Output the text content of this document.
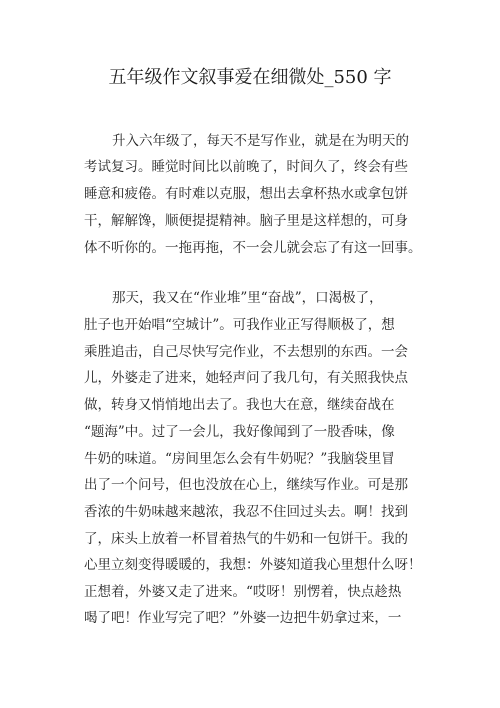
五年级作文叙事爱在细微处_550 字
升入六年级了，每天不是写作业，就是在为明天的
考试复习。睡觉时间比以前晚了，时间久了，终会有些
睡意和疲倦。有时难以克服，想出去拿杯热水或拿包饼
干，解解馋，顺便提提精神。脑子里是这样想的，可身
体不听你的。一拖再拖，不一会儿就会忘了有这一回事。
那天，我又在“作业堆”里“奋战”，口渴极了，
肚子也开始唱“空城计”。可我作业正写得顺极了，想
乘胜追击，自己尽快写完作业，不去想别的东西。一会
儿，外婆走了进来，她轻声问了我几句，有关照我快点
做，转身又悄悄地出去了。我也大在意，继续奋战在
“题海”中。过了一会儿，我好像闻到了一股香味，像
牛奶的味道。“房间里怎么会有牛奶呢？”我脑袋里冒
出了一个问号，但也没放在心上，继续写作业。可是那
香浓的牛奶味越来越浓，我忍不住回过头去。啊！找到
了，床头上放着一杯冒着热气的牛奶和一包饼干。我的
心里立刻变得暖暖的，我想：外婆知道我心里想什么呀！
正想着，外婆又走了进来。“哎呀！别愣着，快点趁热
喝了吧！作业写完了吧？”外婆一边把牛奶拿过来，一
